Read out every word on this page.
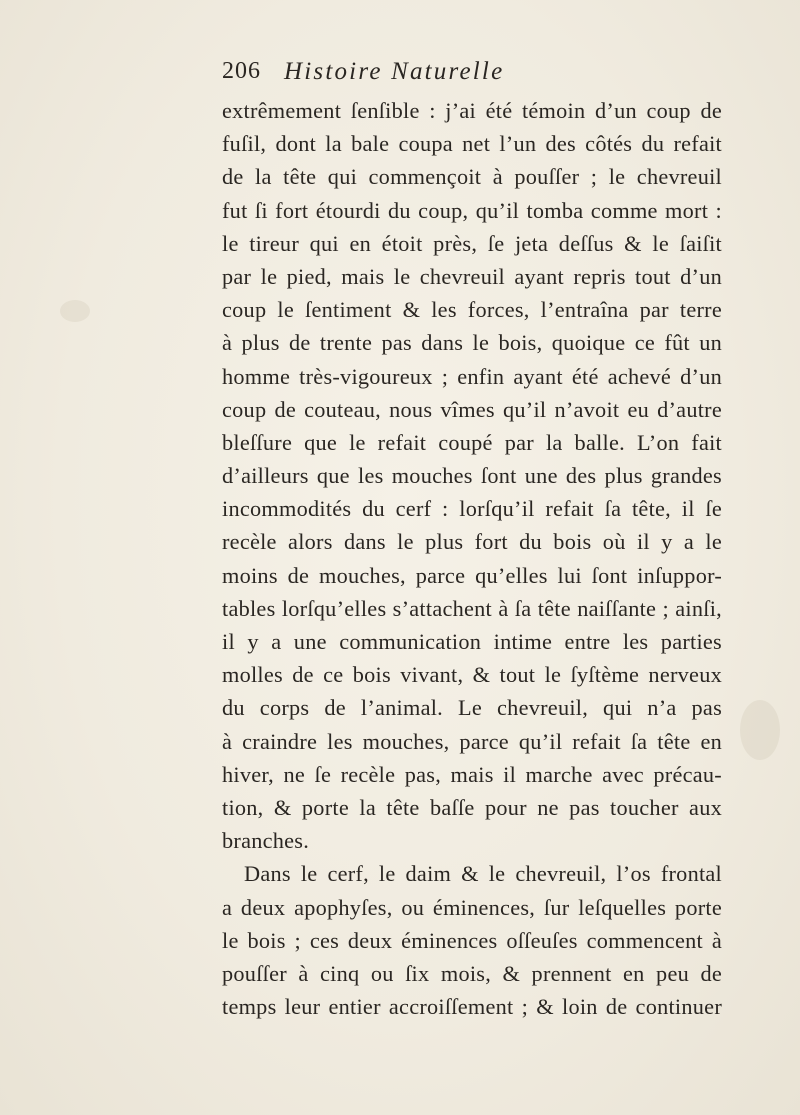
206 Histoire Naturelle
extrêmement ſenſible : j’ai été témoin d’un coup de
fuſil, dont la bale coupa net l’un des côtés du refait
de la tête qui commençoit à pouſſer ; le chevreuil
fut ſi fort étourdi du coup, qu’il tomba comme mort :
le tireur qui en étoit près, ſe jeta deſſus & le ſaiſit
par le pied, mais le chevreuil ayant repris tout d’un
coup le ſentiment & les forces, l’entraîna par terre
à plus de trente pas dans le bois, quoique ce fût un
homme très-vigoureux ; enfin ayant été achevé d’un
coup de couteau, nous vîmes qu’il n’avoit eu d’autre
bleſſure que le refait coupé par la balle. L’on fait
d’ailleurs que les mouches ſont une des plus grandes
incommodités du cerf : lorſqu’il refait ſa tête, il ſe
recèle alors dans le plus fort du bois où il y a le
moins de mouches, parce qu’elles lui ſont inſuppor-
tables lorſqu’elles s’attachent à ſa tête naiſſante ; ainſi,
il y a une communication intime entre les parties
molles de ce bois vivant, & tout le ſyſtème nerveux
du corps de l’animal. Le chevreuil, qui n’a pas
à craindre les mouches, parce qu’il refait ſa tête en
hiver, ne ſe recèle pas, mais il marche avec précau-
tion, & porte la tête baſſe pour ne pas toucher aux
branches.
Dans le cerf, le daim & le chevreuil, l’os frontal
a deux apophyſes, ou éminences, ſur leſquelles porte
le bois ; ces deux éminences oſſeuſes commencent à
pouſſer à cinq ou ſix mois, & prennent en peu de
temps leur entier accroiſſement ; & loin de continuer
